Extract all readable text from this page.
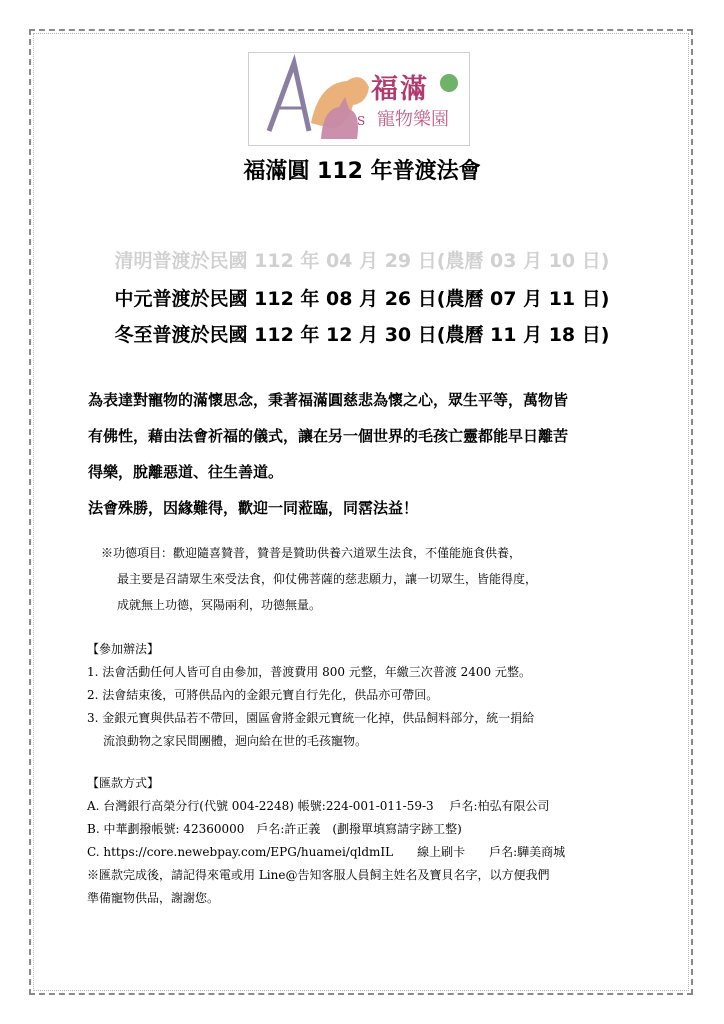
S
福滿
寵物樂園
福滿圓 112 年普渡法會
清明普渡於民國 112 年 04 月 29 日(農曆 03 月 10 日)
中元普渡於民國 112 年 08 月 26 日(農曆 07 月 11 日)
冬至普渡於民國 112 年 12 月 30 日(農曆 11 月 18 日)
為表達對寵物的滿懷思念，秉著福滿圓慈悲為懷之心，眾生平等，萬物皆
有佛性，藉由法會祈福的儀式，讓在另一個世界的毛孩亡靈都能早日離苦
得樂，脫離惡道、往生善道。
法會殊勝，因緣難得，歡迎一同蒞臨，同霑法益！
※功德項目：歡迎隨喜贊普，贊普是贊助供養六道眾生法食，不僅能施食供養，
最主要是召請眾生來受法食，仰仗佛菩薩的慈悲願力，讓一切眾生，皆能得度，
成就無上功德，冥陽兩利，功德無量。
【參加辦法】
1. 法會活動任何人皆可自由參加，普渡費用 800 元整，年繳三次普渡 2400 元整。
2. 法會結束後，可將供品內的金銀元寶自行先化，供品亦可帶回。
3. 金銀元寶與供品若不帶回，園區會將金銀元寶統一化掉，供品飼料部分，統一捐給
流浪動物之家民間團體，迴向給在世的毛孩寵物。
【匯款方式】
A. 台灣銀行高榮分行(代號 004-2248) 帳號:224-001-011-59-3　 戶名:柏弘有限公司
B. 中華劃撥帳號: 42360000　戶名:許正義　(劃撥單填寫請字跡工整)
C. https://core.newebpay.com/EPG/huamei/qldmIL　　線上刷卡　　戶名:驊美商城
※匯款完成後，請記得來電或用 Line@告知客服人員飼主姓名及寶貝名字，以方便我們
準備寵物供品，謝謝您。
